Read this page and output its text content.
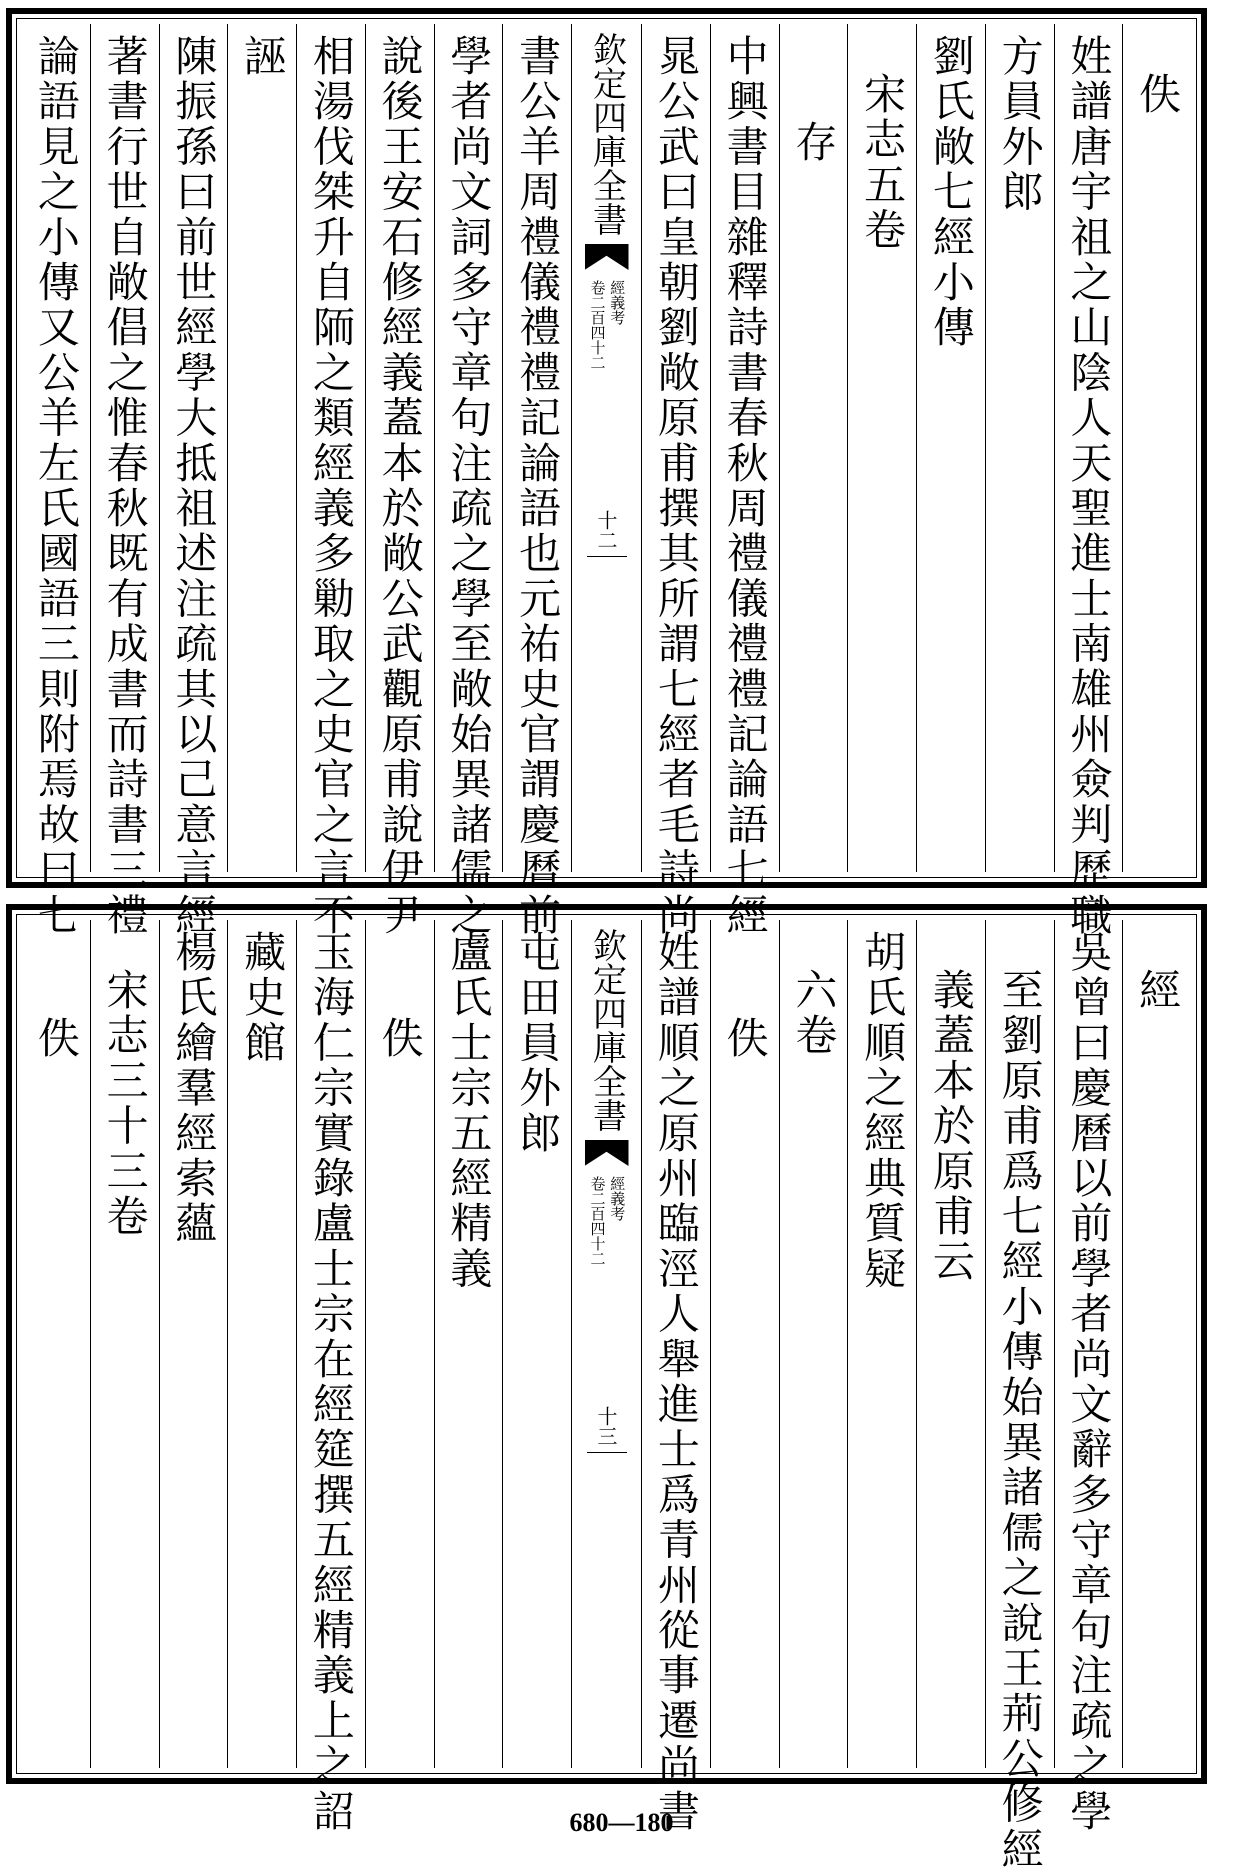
佚
姓譜唐宇祖之山陰人天聖進士南雄州僉判歷職
方員外郎
劉氏敞七經小傳
宋志五卷
存
中興書目雜釋詩書春秋周禮儀禮禮記論語七經
晁公武曰皇朝劉敞原甫撰其所謂七經者毛詩尚
欽定四庫全書
經義考
卷二百四十二
十二
書公羊周禮儀禮禮記論語也元祐史官謂慶曆前
學者尚文詞多守章句注疏之學至敞始異諸儒之
說後王安石修經義蓋本於敞公武觀原甫說伊尹
相湯伐桀升自陑之類經義多勦取之史官之言不
誣
陳振孫曰前世經學大抵祖述注疏其以己意言經
著書行世自敞倡之惟春秋既有成書而詩書三禮
論語見之小傳又公羊左氏國語三則附焉故曰七
經
吳曾曰慶曆以前學者尚文辭多守章句注疏之學
至劉原甫爲七經小傳始異諸儒之說王荊公修經
義蓋本於原甫云
胡氏順之經典質疑
六卷
佚
姓譜順之原州臨涇人舉進士爲青州從事遷尚書
欽定四庫全書
經義考
卷二百四十二
十三
屯田員外郎
盧氏士宗五經精義
佚
玉海仁宗實錄盧士宗在經筵撰五經精義上之詔
藏史館
楊氏繪羣經索蘊
宋志三十三卷
佚
680—180
